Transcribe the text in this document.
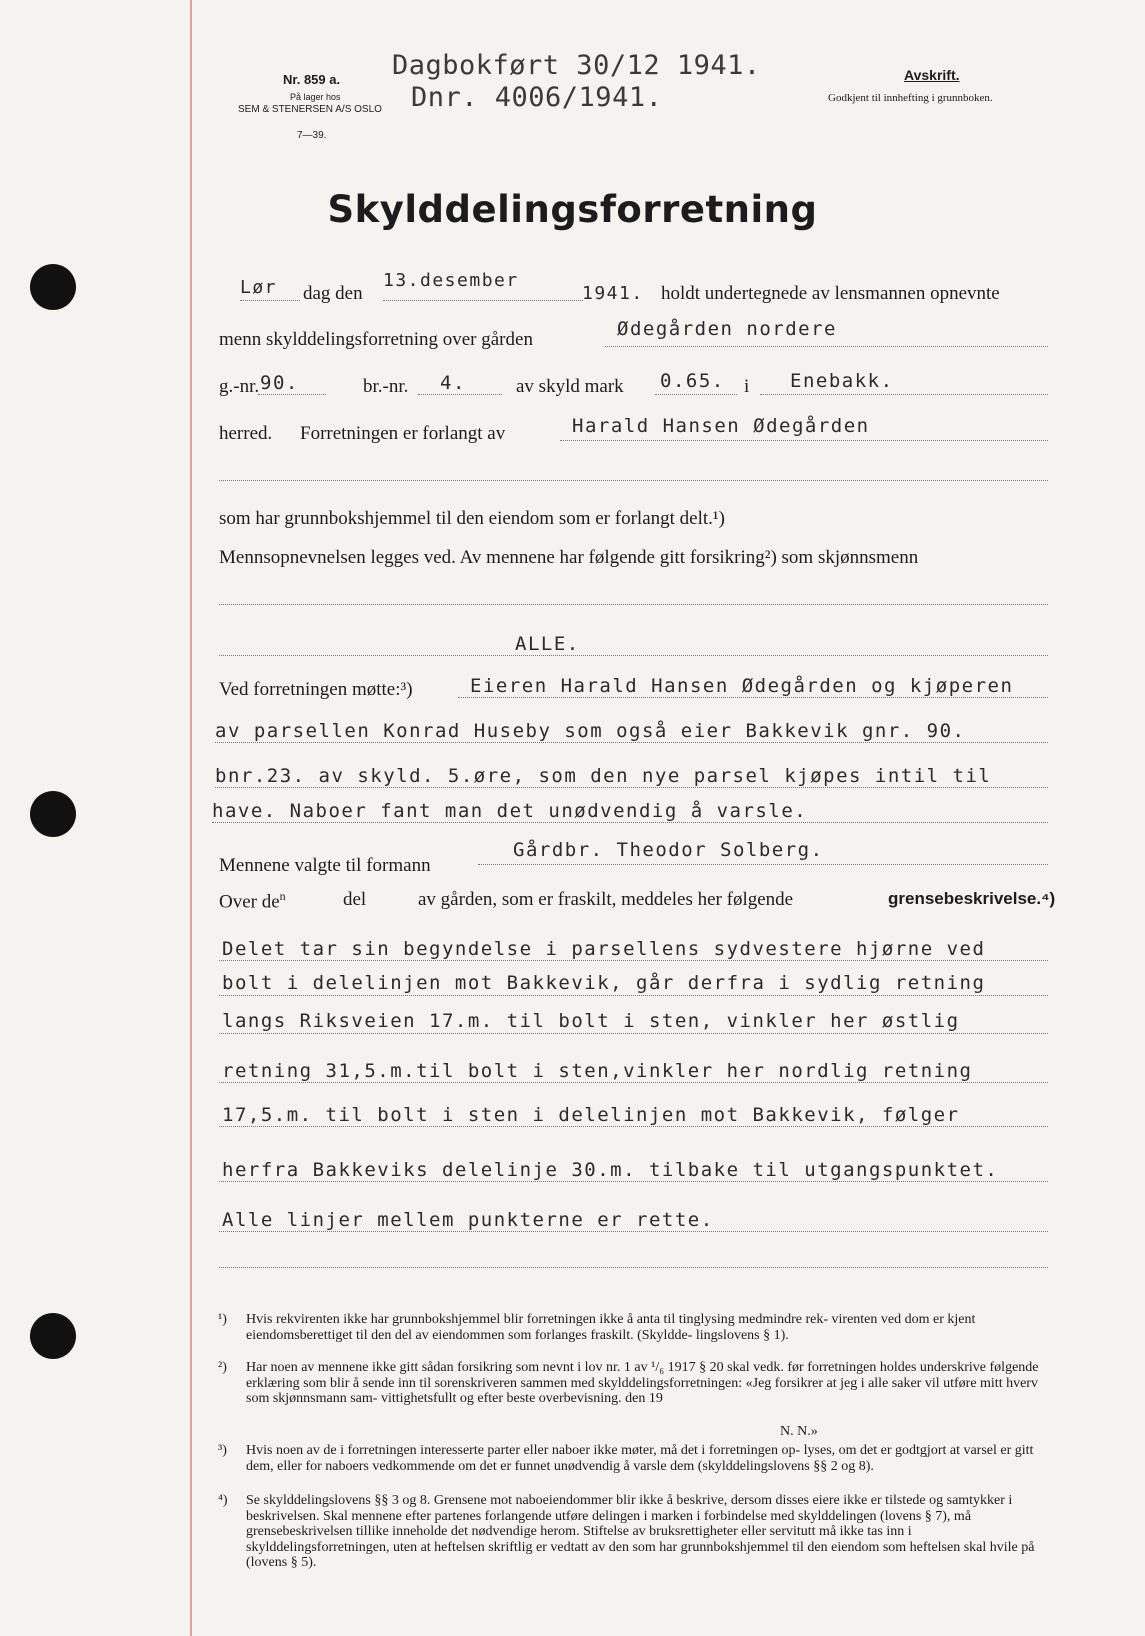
Nr. 859 a.
På lager hos
SEM & STENERSEN A/S OSLO
7—39.
Dagbokført 30/12 1941.
Dnr. 4006/1941.
Avskrift.
Godkjent til innhefting i grunnboken.
Skylddelingsforretning
Lør dag den
13.desember
1941. holdt undertegnede av lensmannen opnevnte
menn skylddelingsforretning over gården	Ødegården nordere
g.-nr. 90.	br.-nr. 4.	av skyld mark 0.65. i Enebakk.
herred. Forretningen er forlangt av	Harald Hansen Ødegården
som har grunnbokshjemmel til den eiendom som er forlangt delt.¹)
Mennsopnevnelsen legges ved. Av mennene har følgende gitt forsikring²) som skjønnsmenn
ALLE.
Ved forretningen møtte:³)	Eieren Harald Hansen Ødegården og kjøperen
av parsellen Konrad Huseby som også eier Bakkevik gnr. 90.
bnr.23. av skyld. 5.øre, som den nye parsel kjøpes intil til
have. Naboer fant man det unødvendig å varsle.
Mennene valgte til formann
Gårdbr. Theodor Solberg.
Over $de^n$	del	av gården, som er fraskilt, meddeles her følgende	grensebeskrivelse.⁴)
Delet tar sin begyndelse i parsellens sydvestere hjørne ved
bolt i delelinjen mot Bakkevik, går derfra i sydlig retning
langs Riksveien 17.m. til bolt i sten, vinkler her østlig
retning 31,5.m.til bolt i sten,vinkler her nordlig retning
17,5.m. til bolt i sten i delelinjen mot Bakkevik, følger
herfra Bakkeviks delelinje 30.m. tilbake til utgangspunktet.
Alle linjer mellem punkterne er rette.
¹) Hvis rekvirenten ikke har grunnbokshjemmel blir forretningen ikke å anta til tinglysing medmindre rek- virenten ved dom er kjent eiendomsberettiget til den del av eiendommen som forlanges fraskilt. (Skyldde- lingslovens § 1).
²) Har noen av mennene ikke gitt sådan forsikring som nevnt i lov nr. 1 av ¹/₆ 1917 § 20 skal vedk. før forretningen holdes underskrive følgende erklæring som blir å sende inn til sorenskriveren sammen med skylddelingsforretningen: «Jeg forsikrer at jeg i alle saker vil utføre mitt hverv som skjønnsmann sam- vittighetsfullt og efter beste overbevisning. den 19
N. N.»
³) Hvis noen av de i forretningen interesserte parter eller naboer ikke møter, må det i forretningen op- lyses, om det er godtgjort at varsel er gitt dem, eller for naboers vedkommende om det er funnet unødvendig å varsle dem (skylddelingslovens §§ 2 og 8).
⁴) Se skylddelingslovens §§ 3 og 8. Grensene mot naboeiendommer blir ikke å beskrive, dersom disses eiere ikke er tilstede og samtykker i beskrivelsen. Skal mennene efter partenes forlangende utføre delingen i marken i forbindelse med skylddelingen (lovens § 7), må grensebeskrivelsen tillike inneholde det nødvendige herom. Stiftelse av bruksrettigheter eller servitutt må ikke tas inn i skylddelingsforretningen, uten at heftelsen skriftlig er vedtatt av den som har grunnbokshjemmel til den eiendom som heftelsen skal hvile på (lovens § 5).
